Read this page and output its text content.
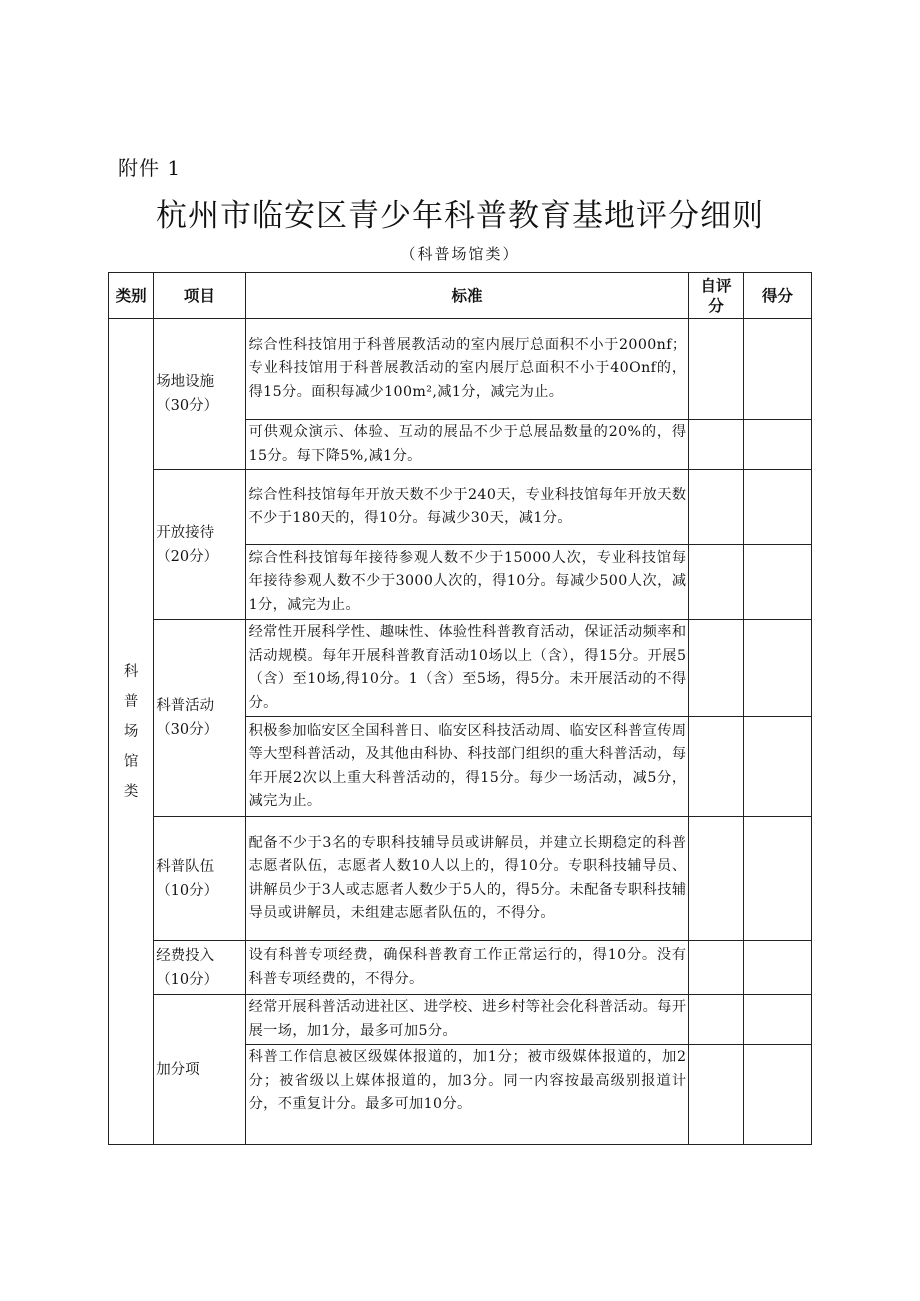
附件 1
杭州市临安区青少年科普教育基地评分细则
（科普场馆类）
类别	项目	标准	自评分	得分

科普场馆类	场地设施（30分）	综合性科技馆用于科普展教活动的室内展厅总面积不小于2000nf；专业科技馆用于科普展教活动的室内展厅总面积不小于40Onf的，得15分。面积每减少100m²,减1分，减完为止。		
		可供观众演示、体验、互动的展品不少于总展品数量的20%的，得15分。每下降5%,减1分。		
	开放接待（20分）	综合性科技馆每年开放天数不少于240天，专业科技馆每年开放天数不少于180天的，得10分。每减少30天，减1分。		
		综合性科技馆每年接待参观人数不少于15000人次，专业科技馆每年接待参观人数不少于3000人次的，得10分。每减少500人次，减1分，减完为止。		
	科普活动（30分）	经常性开展科学性、趣味性、体验性科普教育活动，保证活动频率和活动规模。每年开展科普教育活动10场以上（含），得15分。开展5（含）至10场,得10分。1（含）至5场，得5分。未开展活动的不得分。		
		积极参加临安区全国科普日、临安区科技活动周、临安区科普宣传周等大型科普活动，及其他由科协、科技部门组织的重大科普活动，每年开展2次以上重大科普活动的，得15分。每少一场活动，减5分，减完为止。		
	科普队伍（10分）	配备不少于3名的专职科技辅导员或讲解员，并建立长期稳定的科普志愿者队伍，志愿者人数10人以上的，得10分。专职科技辅导员、讲解员少于3人或志愿者人数少于5人的，得5分。未配备专职科技辅导员或讲解员，未组建志愿者队伍的，不得分。		
	经费投入（10分）	设有科普专项经费，确保科普教育工作正常运行的，得10分。没有科普专项经费的，不得分。		
	加分项	经常开展科普活动进社区、进学校、进乡村等社会化科普活动。每开展一场，加1分，最多可加5分。		
		科普工作信息被区级媒体报道的，加1分；被市级媒体报道的，加2分；被省级以上媒体报道的，加3分。同一内容按最高级别报道计分，不重复计分。最多可加10分。		
